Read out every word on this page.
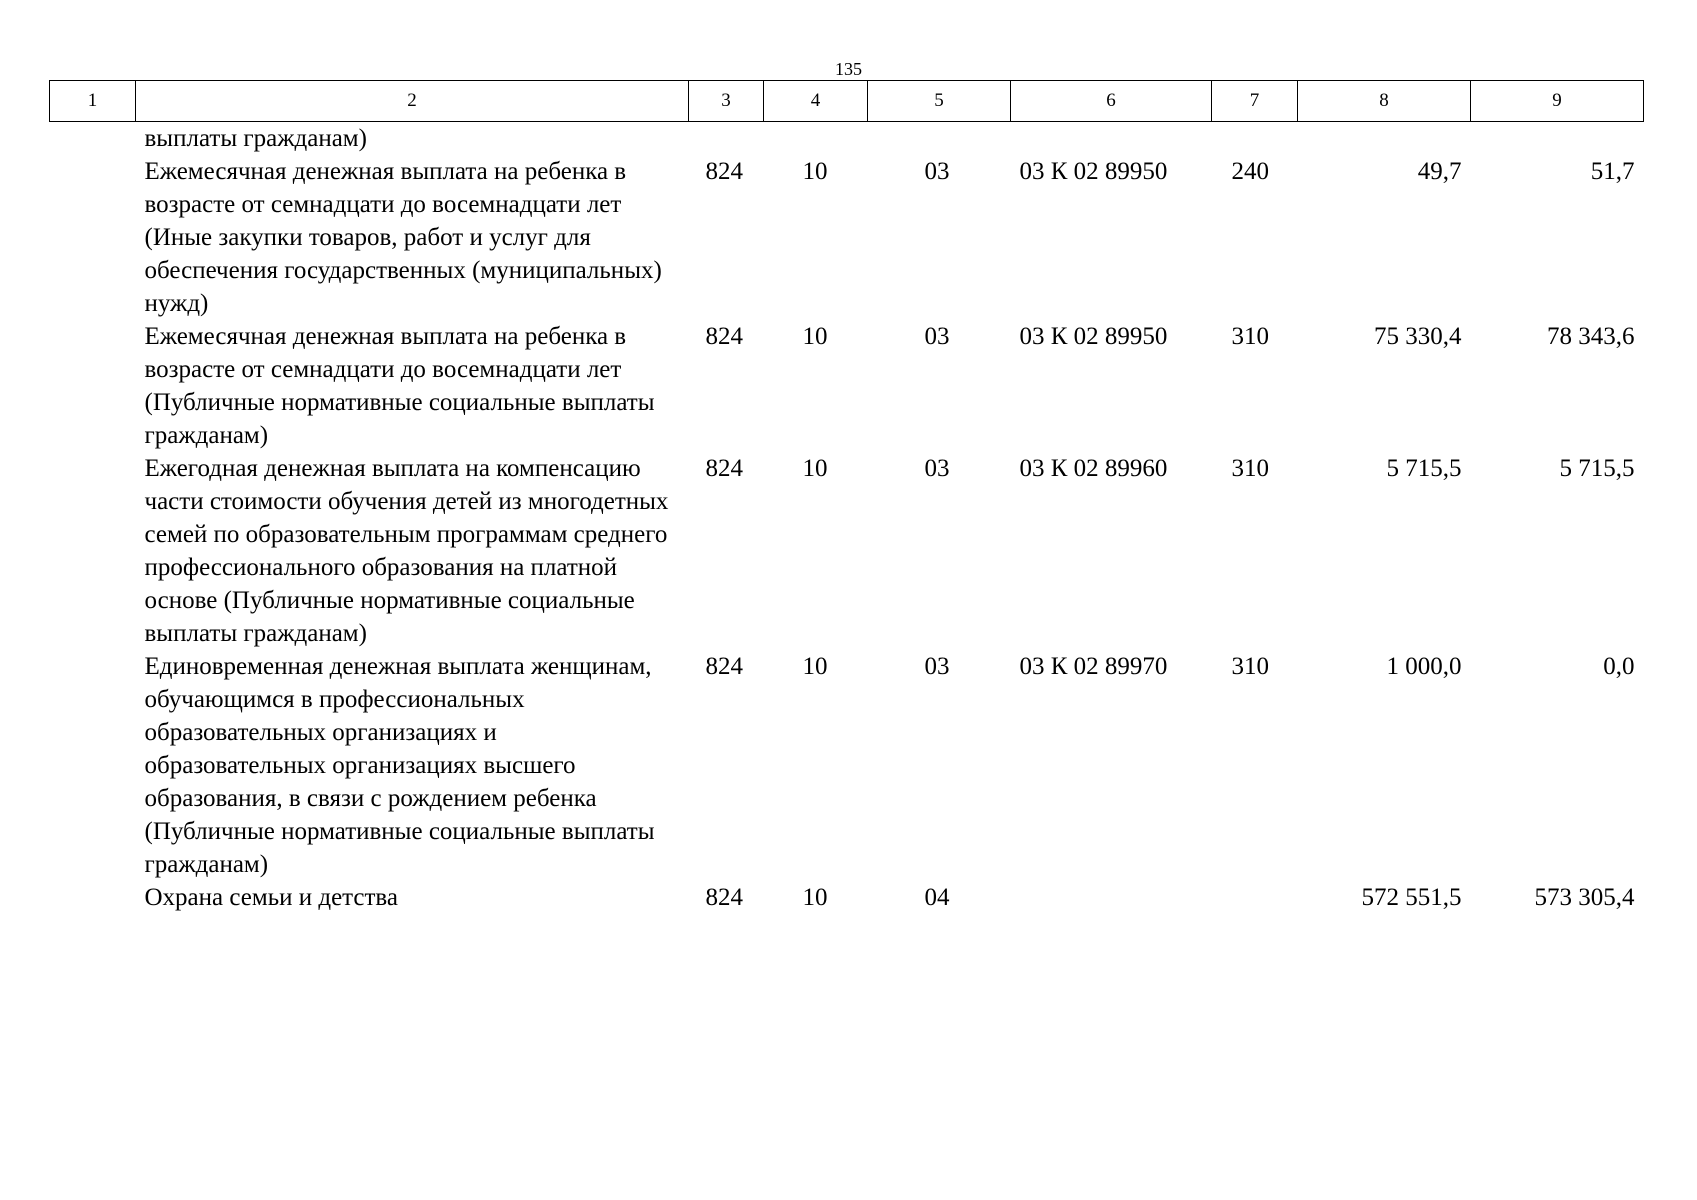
135
1	2	3	4	5	6	7	8	9
	выплаты гражданам)							
	Ежемесячная денежная выплата на ребенка в возрасте от семнадцати до восемнадцати лет (Иные закупки товаров, работ и услуг для обеспечения государственных (муниципальных) нужд)	824	10	03	03 К 02 89950	240	49,7	51,7
	Ежемесячная денежная выплата на ребенка в возрасте от семнадцати до восемнадцати лет (Публичные нормативные социальные выплаты гражданам)	824	10	03	03 К 02 89950	310	75 330,4	78 343,6
	Ежегодная денежная выплата на компенсацию части стоимости обучения детей из многодетных семей по образовательным программам среднего профессионального образования на платной основе (Публичные нормативные социальные выплаты гражданам)	824	10	03	03 К 02 89960	310	5 715,5	5 715,5
	Единовременная денежная выплата женщинам, обучающимся в профессиональных образовательных организациях и образовательных организациях высшего образования, в связи с рождением ребенка (Публичные нормативные социальные выплаты гражданам)	824	10	03	03 К 02 89970	310	1 000,0	0,0
	Охрана семьи и детства	824	10	04			572 551,5	573 305,4
